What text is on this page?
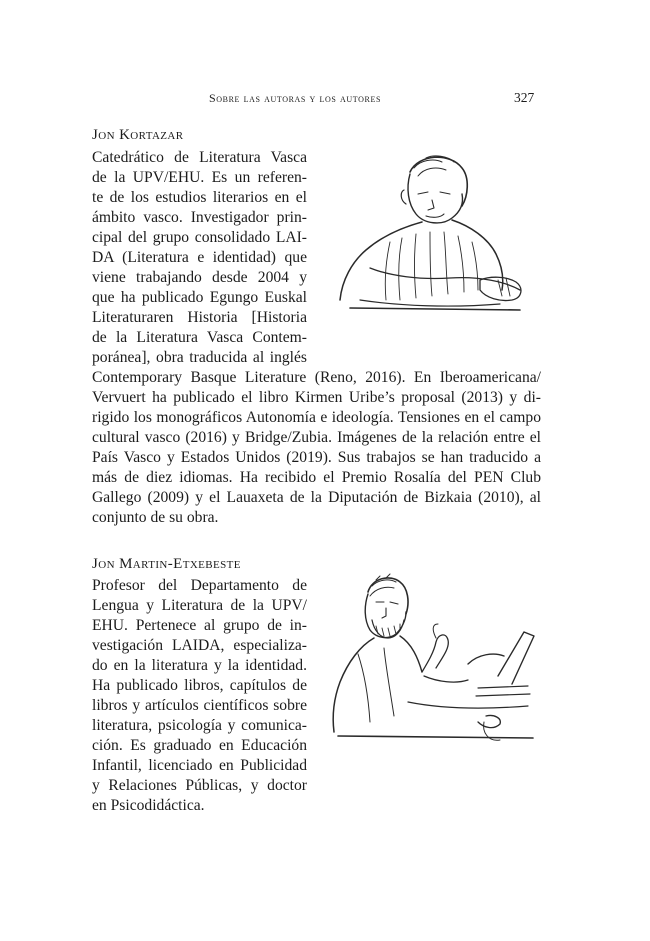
Sobre las autoras y los autores	327
Jon Kortazar
Catedrático de Literatura Vasca
de la UPV/EHU. Es un referen-
te de los estudios literarios en el
ámbito vasco. Investigador prin-
cipal del grupo consolidado LAI-
DA (Literatura e identidad) que
viene trabajando desde 2004 y
que ha publicado Egungo Euskal
Literaturaren Historia [Historia
de la Literatura Vasca Contem-
poránea], obra traducida al inglés
Contemporary Basque Literature (Reno, 2016). En Iberoamericana/
Vervuert ha publicado el libro Kirmen Uribe’s proposal (2013) y di-
rigido los monográficos Autonomía e ideología. Tensiones en el campo
cultural vasco (2016) y Bridge/Zubia. Imágenes de la relación entre el
País Vasco y Estados Unidos (2019). Sus trabajos se han traducido a
más de diez idiomas. Ha recibido el Premio Rosalía del PEN Club
Gallego (2009) y el Lauaxeta de la Diputación de Bizkaia (2010), al
conjunto de su obra.
Jon Martin-Etxebeste
Profesor del Departamento de
Lengua y Literatura de la UPV/
EHU. Pertenece al grupo de in-
vestigación LAIDA, especializa-
do en la literatura y la identidad.
Ha publicado libros, capítulos de
libros y artículos científicos sobre
literatura, psicología y comunica-
ción. Es graduado en Educación
Infantil, licenciado en Publicidad
y Relaciones Públicas, y doctor
en Psicodidáctica.
